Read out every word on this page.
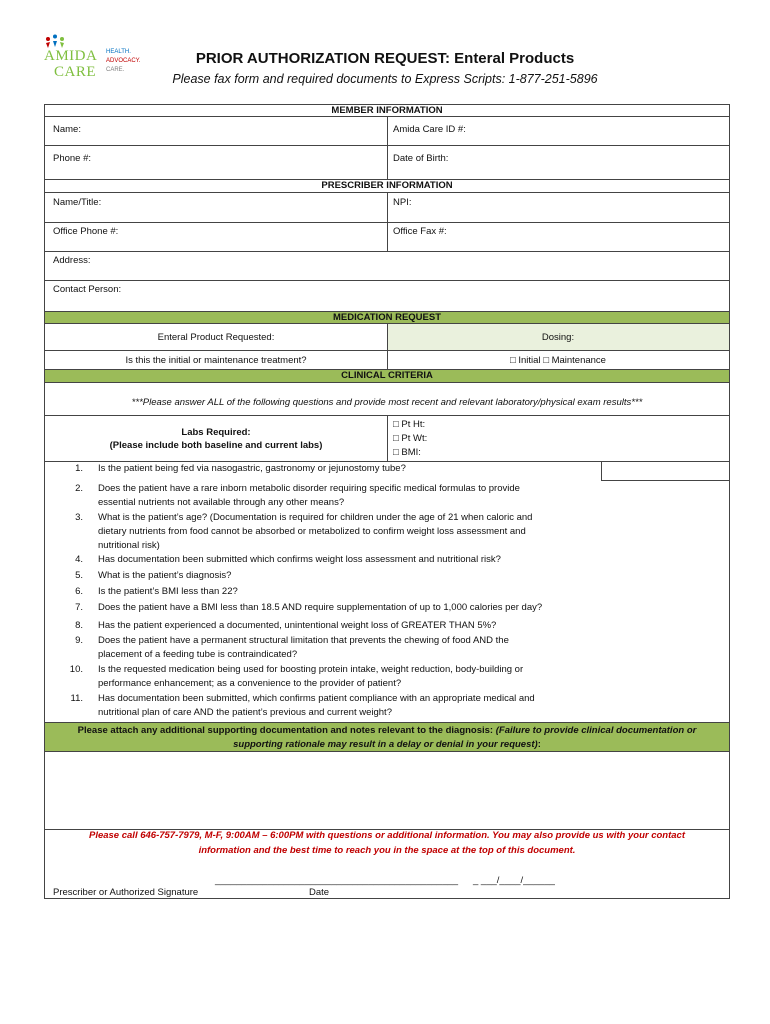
AMIDA
CARE
HEALTH.
ADVOCACY.
CARE.
PRIOR AUTHORIZATION REQUEST: Enteral Products
Please fax form and required documents to Express Scripts: 1-877-251-5896
MEMBER INFORMATION
Name:	Amida Care ID #:
Phone #:	Date of Birth:
PRESCRIBER INFORMATION
Name/Title:	NPI:
Office Phone #:	Office Fax #:
Address:
Contact Person:
MEDICATION REQUEST
Enteral Product Requested:	Dosing:
Is this the initial or maintenance treatment?	□ Initial □ Maintenance
CLINICAL CRITERIA
***Please answer ALL of the following questions and provide most recent and relevant laboratory/physical exam results***
Labs Required:
(Please include both baseline and current labs)
□ Pt Ht:
□ Pt Wt:
□ BMI:
1. Is the patient being fed via nasogastric, gastronomy or jejunostomy tube?
2. Does the patient have a rare inborn metabolic disorder requiring specific medical formulas to provide
essential nutrients not available through any other means?
3. What is the patient’s age? (Documentation is required for children under the age of 21 when caloric and
dietary nutrients from food cannot be absorbed or metabolized to confirm weight loss assessment and
nutritional risk)
4. Has documentation been submitted which confirms weight loss assessment and nutritional risk?
5. What is the patient’s diagnosis?
6. Is the patient’s BMI less than 22?
7. Does the patient have a BMI less than 18.5 AND require supplementation of up to 1,000 calories per day?
8. Has the patient experienced a documented, unintentional weight loss of GREATER THAN 5%?
9. Does the patient have a permanent structural limitation that prevents the chewing of food AND the
placement of a feeding tube is contraindicated?
10. Is the requested medication being used for boosting protein intake, weight reduction, body-building or
performance enhancement; as a convenience to the provider of patient?
11. Has documentation been submitted, which confirms patient compliance with an appropriate medical and
nutritional plan of care AND the patient’s previous and current weight?
Please attach any additional supporting documentation and notes relevant to the diagnosis: (Failure to provide clinical documentation or
supporting rationale may result in a delay or denial in your request):
Please call 646-757-7979, M-F, 9:00AM – 6:00PM with questions or additional information. You may also provide us with your contact
information and the best time to reach you in the space at the top of this document.
______________________________________________ _ ___/____/______
Prescriber or Authorized Signature	Date
